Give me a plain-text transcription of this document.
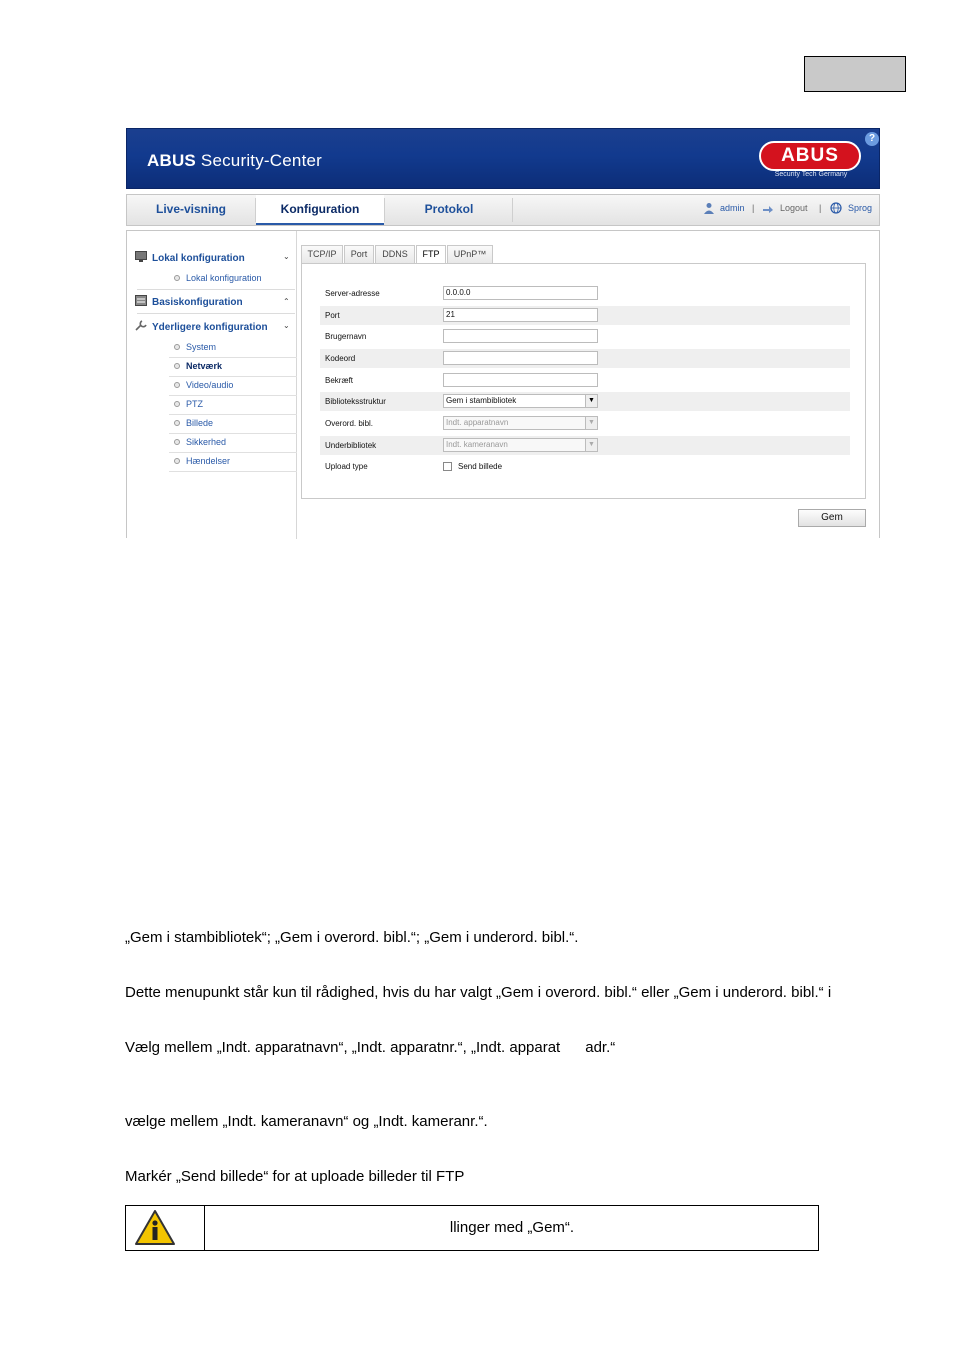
ABUS Security-Center	ABUS
Security Tech Germany
?
Live-visning	Konfiguration	Protokol	admin |	Logout |	Sprog
Lokal konfiguration	⌄
Lokal konfiguration
Basiskonfiguration	⌃
Yderligere konfiguration ⌄
System
Netværk
Video/audio
PTZ
Billede
Sikkerhed
Hændelser
TCP/IP	Port	DDNS	FTP	UPnP™
Server-adresse	0.0.0.0
Port	21
Brugernavn
Kodeord
Bekræft
Biblioteksstruktur	Gem i stambibliotek	▼
Overord. bibl.	Indt. apparatnavn	▼
Underbibliotek	Indt. kameranavn	▼
Upload type	Send billede
Gem
„Gem i stambibliotek“; „Gem i overord. bibl.“; „Gem i underord. bibl.“.
Dette menupunkt står kun til rådighed, hvis du har valgt „Gem i overord. bibl.“ eller „Gem i underord. bibl.“ i
Vælg mellem „Indt. apparatnavn“, „Indt. apparatnr.“, „Indt. apparat      adr.“
vælge mellem „Indt. kameranavn“ og „Indt. kameranr.“.
Markér „Send billede“ for at uploade billeder til FTP
llinger med „Gem“.
